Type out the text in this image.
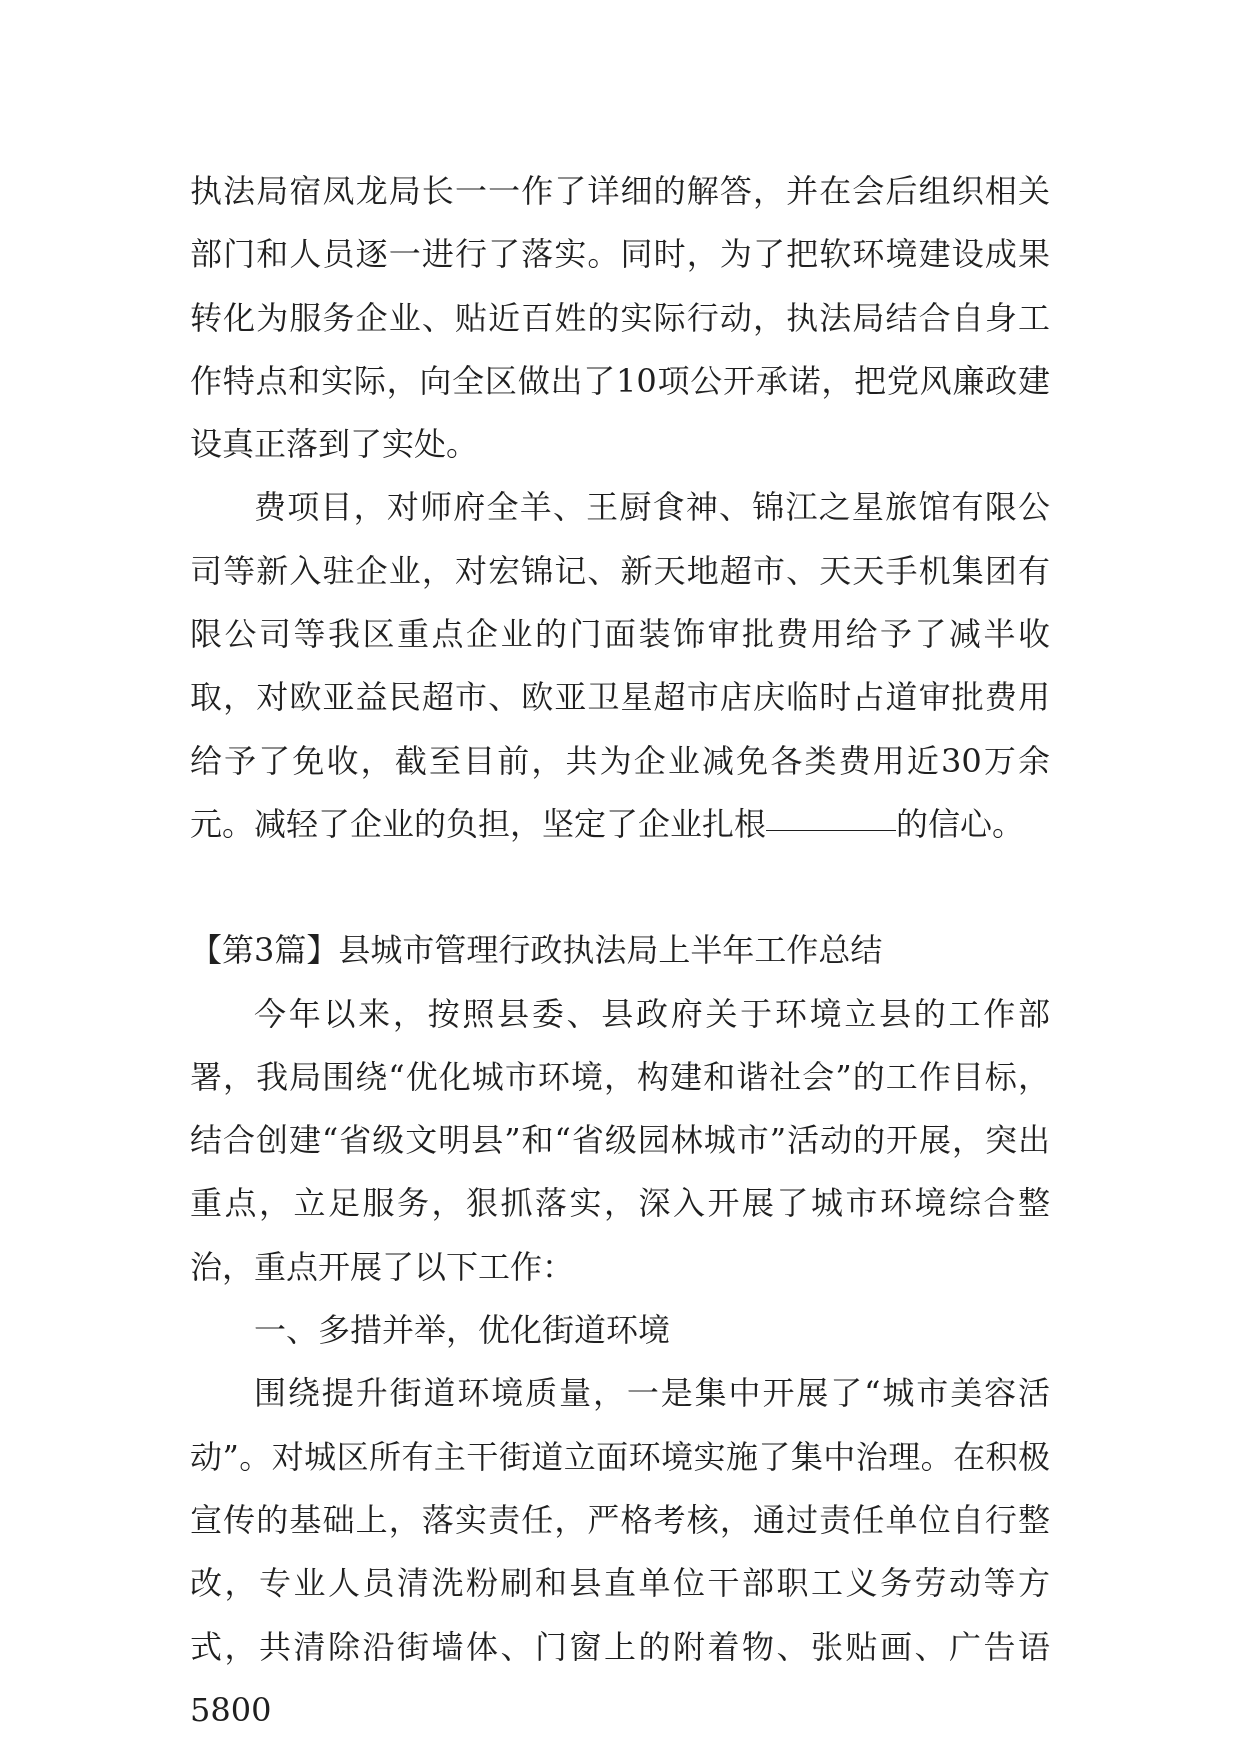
执法局宿凤龙局长一一作了详细的解答，并在会后组织相关部门和人员逐一进行了落实。同时，为了把软环境建设成果转化为服务企业、贴近百姓的实际行动，执法局结合自身工作特点和实际，向全区做出了10项公开承诺，把党风廉政建设真正落到了实处。

费项目，对师府全羊、王厨食神、锦江之星旅馆有限公司等新入驻企业，对宏锦记、新天地超市、天天手机集团有限公司等我区重点企业的门面装饰审批费用给予了减半收取，对欧亚益民超市、欧亚卫星超市店庆临时占道审批费用给予了免收，截至目前，共为企业减免各类费用近30万余元。减轻了企业的负担，坚定了企业扎根	的信心。

【第3篇】县城市管理行政执法局上半年工作总结

今年以来，按照县委、县政府关于环境立县的工作部署，我局围绕“优化城市环境，构建和谐社会”的工作目标，结合创建“省级文明县”和“省级园林城市”活动的开展，突出重点，立足服务，狠抓落实，深入开展了城市环境综合整治，重点开展了以下工作：

一、多措并举，优化街道环境

围绕提升街道环境质量，一是集中开展了“城市美容活动”。对城区所有主干街道立面环境实施了集中治理。在积极宣传的基础上，落实责任，严格考核，通过责任单位自行整改，专业人员清洗粉刷和县直单位干部职工义务劳动等方式，共清除沿街墙体、门窗上的附着物、张贴画、广告语5800
